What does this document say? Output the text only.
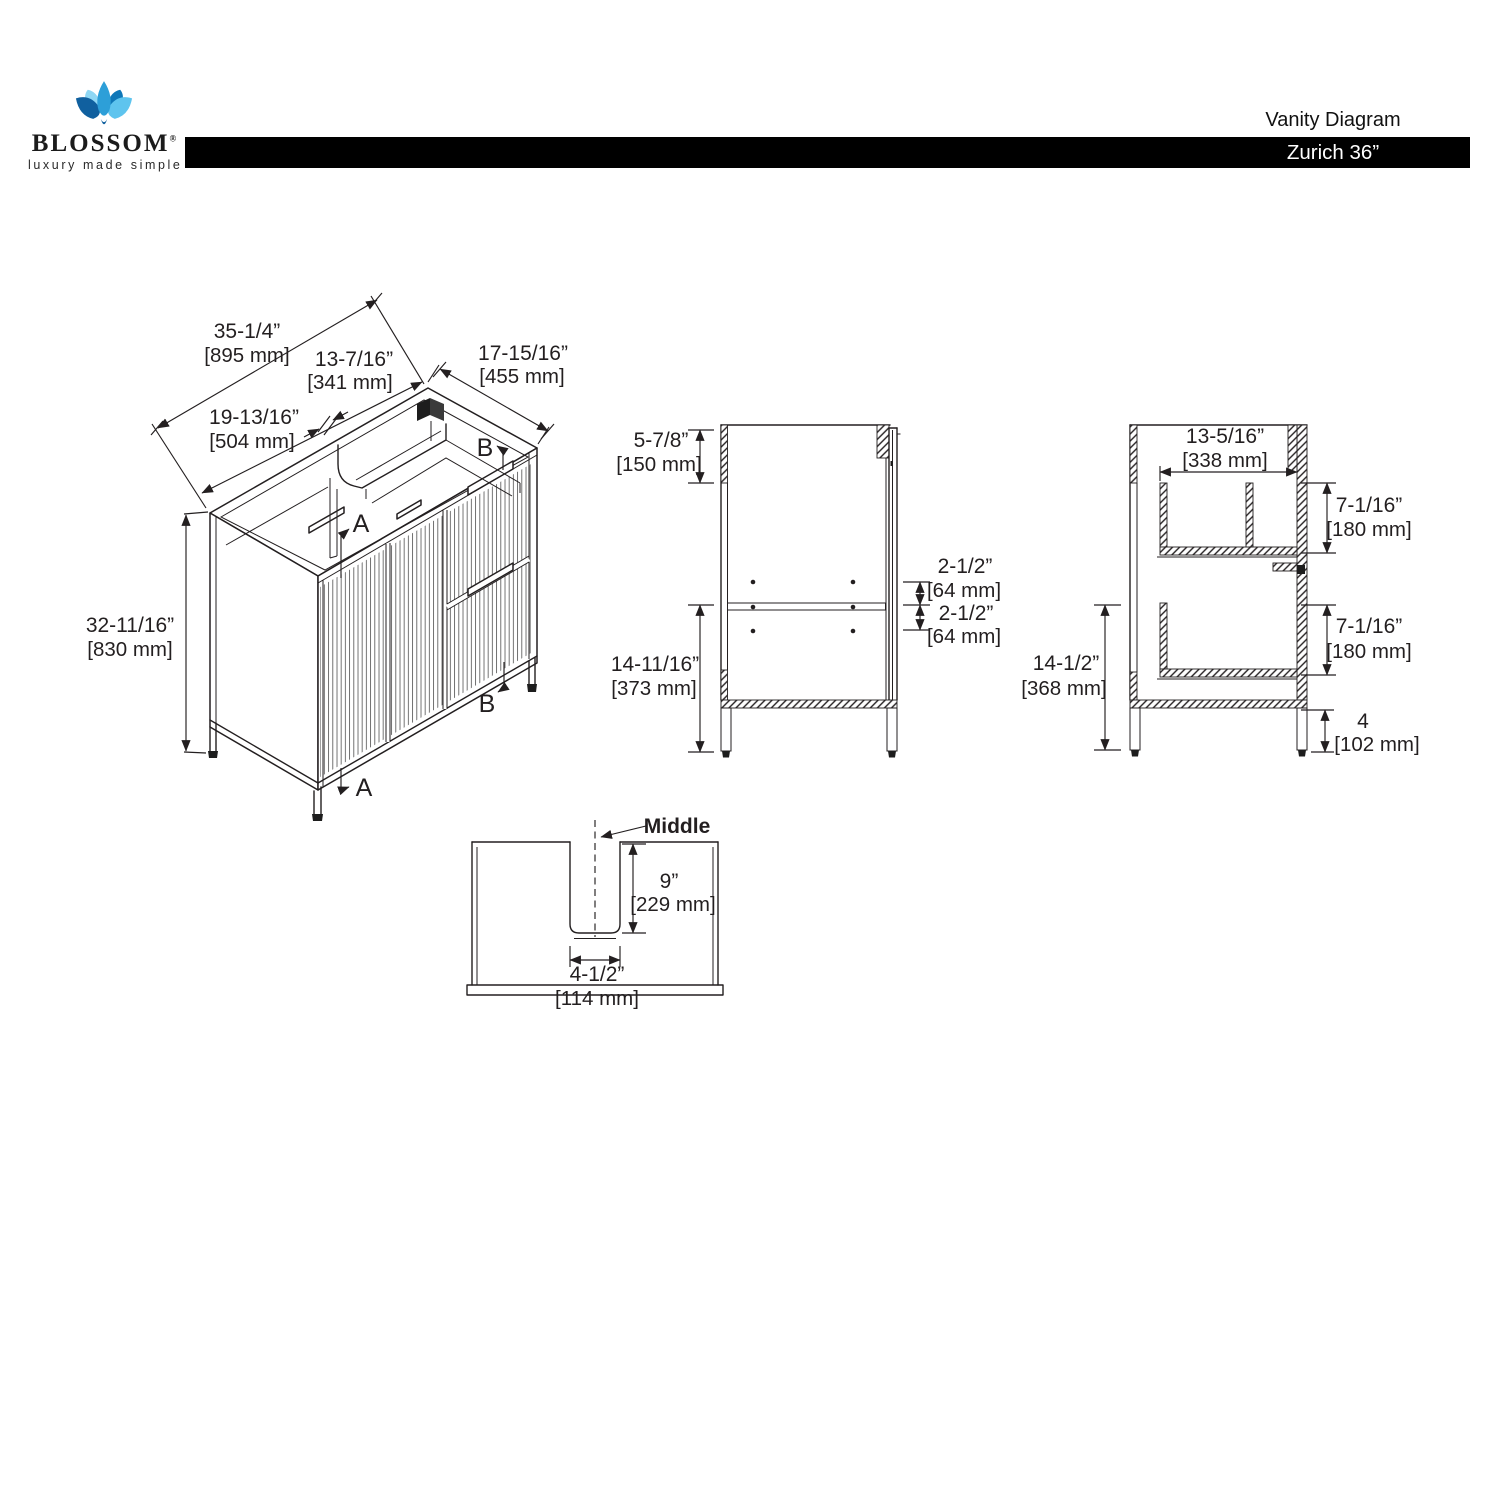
BLOSSOM®
luxury made simple
Vanity Diagram
Zurich 36”
35-1/4”
[895 mm]
19-13/16”
[504 mm]
13-7/16”
[341 mm]
17-15/16”
[455 mm]
32-11/16”
[830 mm]
A
A
B
B
5-7/8”
[150 mm]
14-11/16”
[373 mm]
2-1/2”
[64 mm]
2-1/2”
[64 mm]
13-5/16”
[338 mm]
7-1/16”
[180 mm]
7-1/16”
[180 mm]
4
[102 mm]
14-1/2”
[368 mm]
Middle
9”
[229 mm]
4-1/2”
[114 mm]
